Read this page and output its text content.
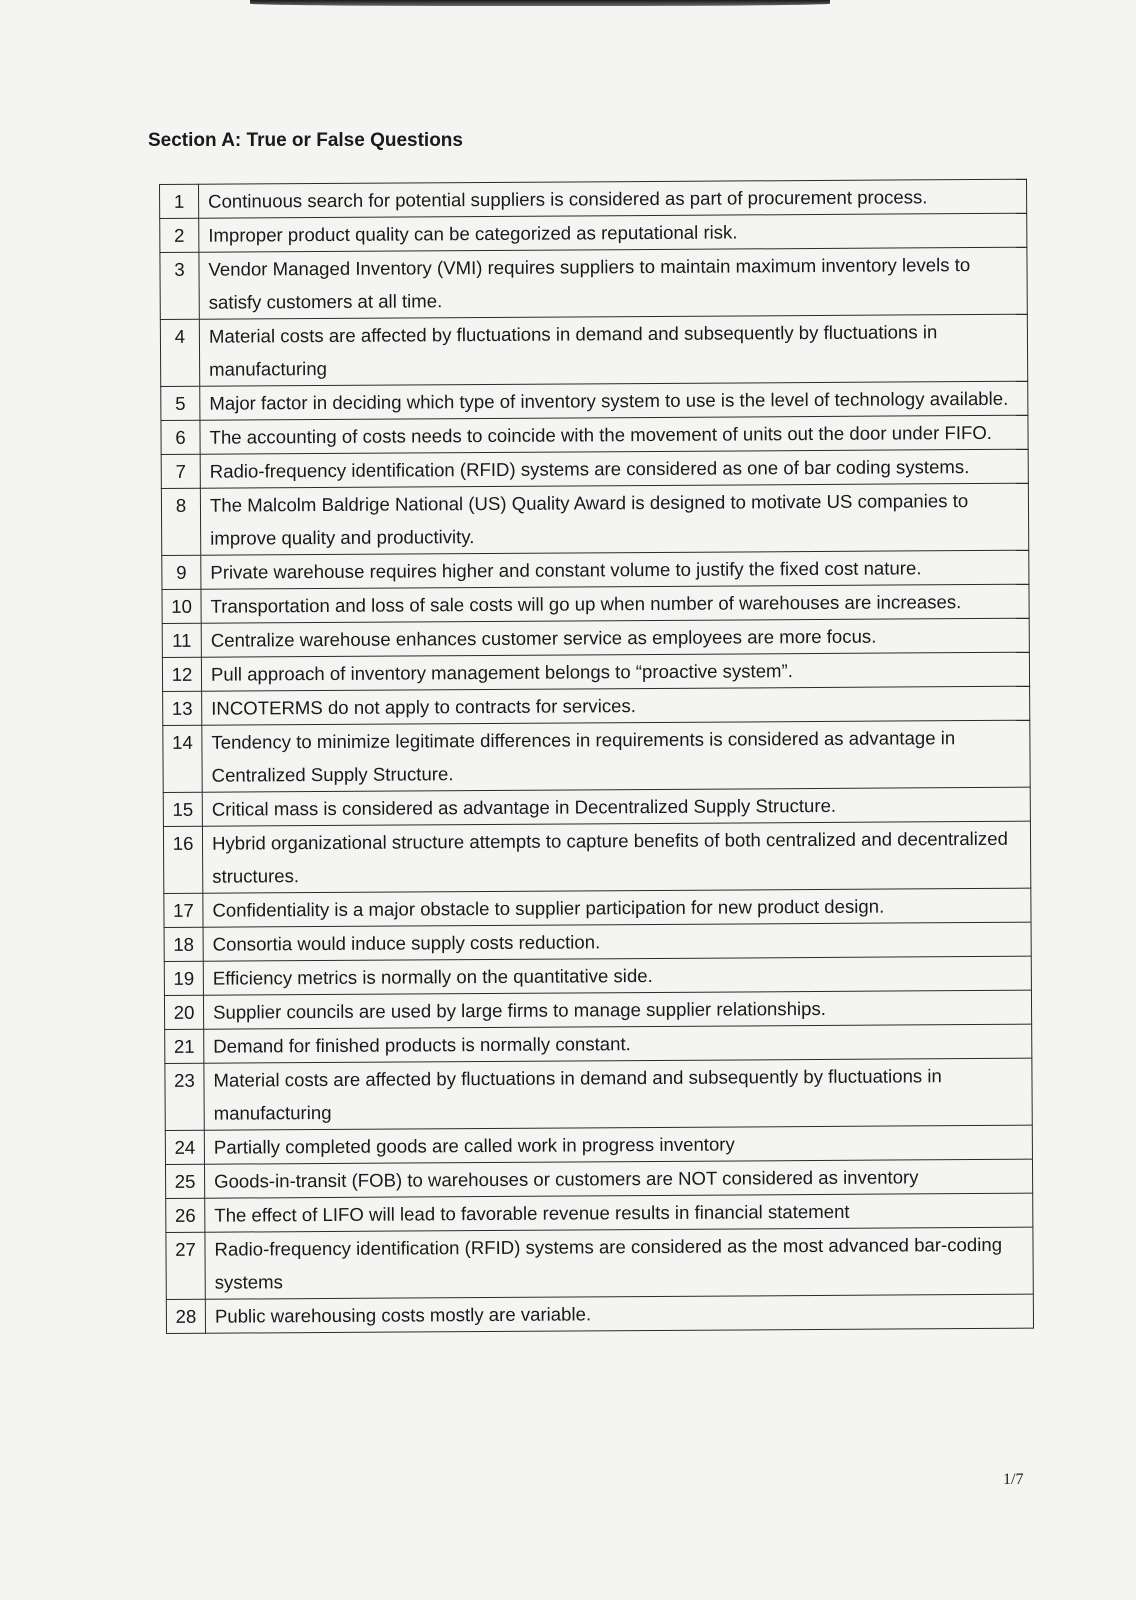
Section A: True or False Questions
1	Continuous search for potential suppliers is considered as part of procurement process.
2	Improper product quality can be categorized as reputational risk.
3	Vendor Managed Inventory (VMI) requires suppliers to maintain maximum inventory levels to satisfy customers at all time.
4	Material costs are affected by fluctuations in demand and subsequently by fluctuations in manufacturing
5	Major factor in deciding which type of inventory system to use is the level of technology available.
6	The accounting of costs needs to coincide with the movement of units out the door under FIFO.
7	Radio-frequency identification (RFID) systems are considered as one of bar coding systems.
8	The Malcolm Baldrige National (US) Quality Award is designed to motivate US companies to improve quality and productivity.
9	Private warehouse requires higher and constant volume to justify the fixed cost nature.
10	Transportation and loss of sale costs will go up when number of warehouses are increases.
11	Centralize warehouse enhances customer service as employees are more focus.
12	Pull approach of inventory management belongs to “proactive system”.
13	INCOTERMS do not apply to contracts for services.
14	Tendency to minimize legitimate differences in requirements is considered as advantage in Centralized Supply Structure.
15	Critical mass is considered as advantage in Decentralized Supply Structure.
16	Hybrid organizational structure attempts to capture benefits of both centralized and decentralized structures.
17	Confidentiality is a major obstacle to supplier participation for new product design.
18	Consortia would induce supply costs reduction.
19	Efficiency metrics is normally on the quantitative side.
20	Supplier councils are used by large firms to manage supplier relationships.
21	Demand for finished products is normally constant.
23	Material costs are affected by fluctuations in demand and subsequently by fluctuations in manufacturing
24	Partially completed goods are called work in progress inventory
25	Goods-in-transit (FOB) to warehouses or customers are NOT considered as inventory
26	The effect of LIFO will lead to favorable revenue results in financial statement
27	Radio-frequency identification (RFID) systems are considered as the most advanced bar-coding systems
28	Public warehousing costs mostly are variable.
1/7
